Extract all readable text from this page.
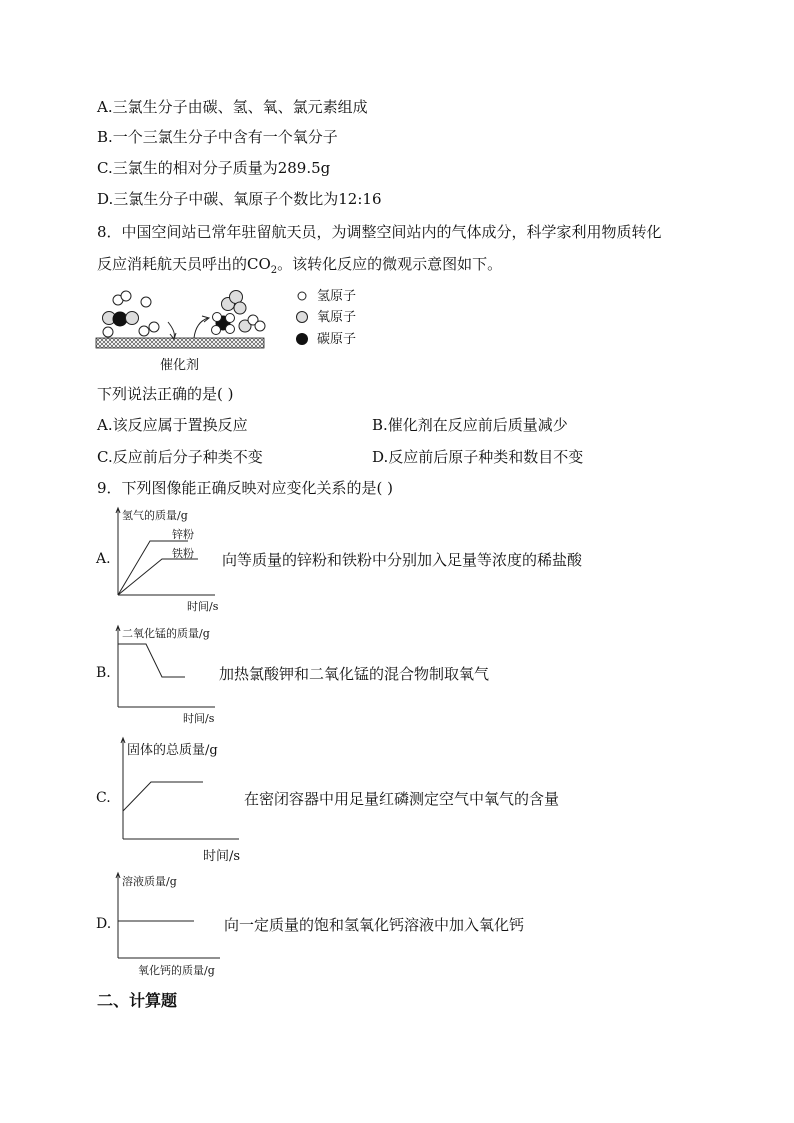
A.三氯生分子由碳、氢、氧、氯元素组成
B.一个三氯生分子中含有一个氧分子
C.三氯生的相对分子质量为289.5g
D.三氯生分子中碳、氧原子个数比为12:16
8．中国空间站已常年驻留航天员，为调整空间站内的气体成分，科学家利用物质转化
反应消耗航天员呼出的$CO_2$。该转化反应的微观示意图如下。
催化剂
氢原子
氧原子
碳原子
下列说法正确的是( )
A.该反应属于置换反应	B.催化剂在反应前后质量减少
C.反应前后分子种类不变	D.反应前后原子种类和数目不变
9．下列图像能正确反映对应变化关系的是( )
A.
氢气的质量/g
锌粉
铁粉
时间/s
向等质量的锌粉和铁粉中分别加入足量等浓度的稀盐酸
B.
二氧化锰的质量/g
时间/s
加热氯酸钾和二氧化锰的混合物制取氧气
C.
固体的总质量/g
时间/s
在密闭容器中用足量红磷测定空气中氧气的含量
D.
溶液质量/g
氧化钙的质量/g
向一定质量的饱和氢氧化钙溶液中加入氧化钙
二、计算题
